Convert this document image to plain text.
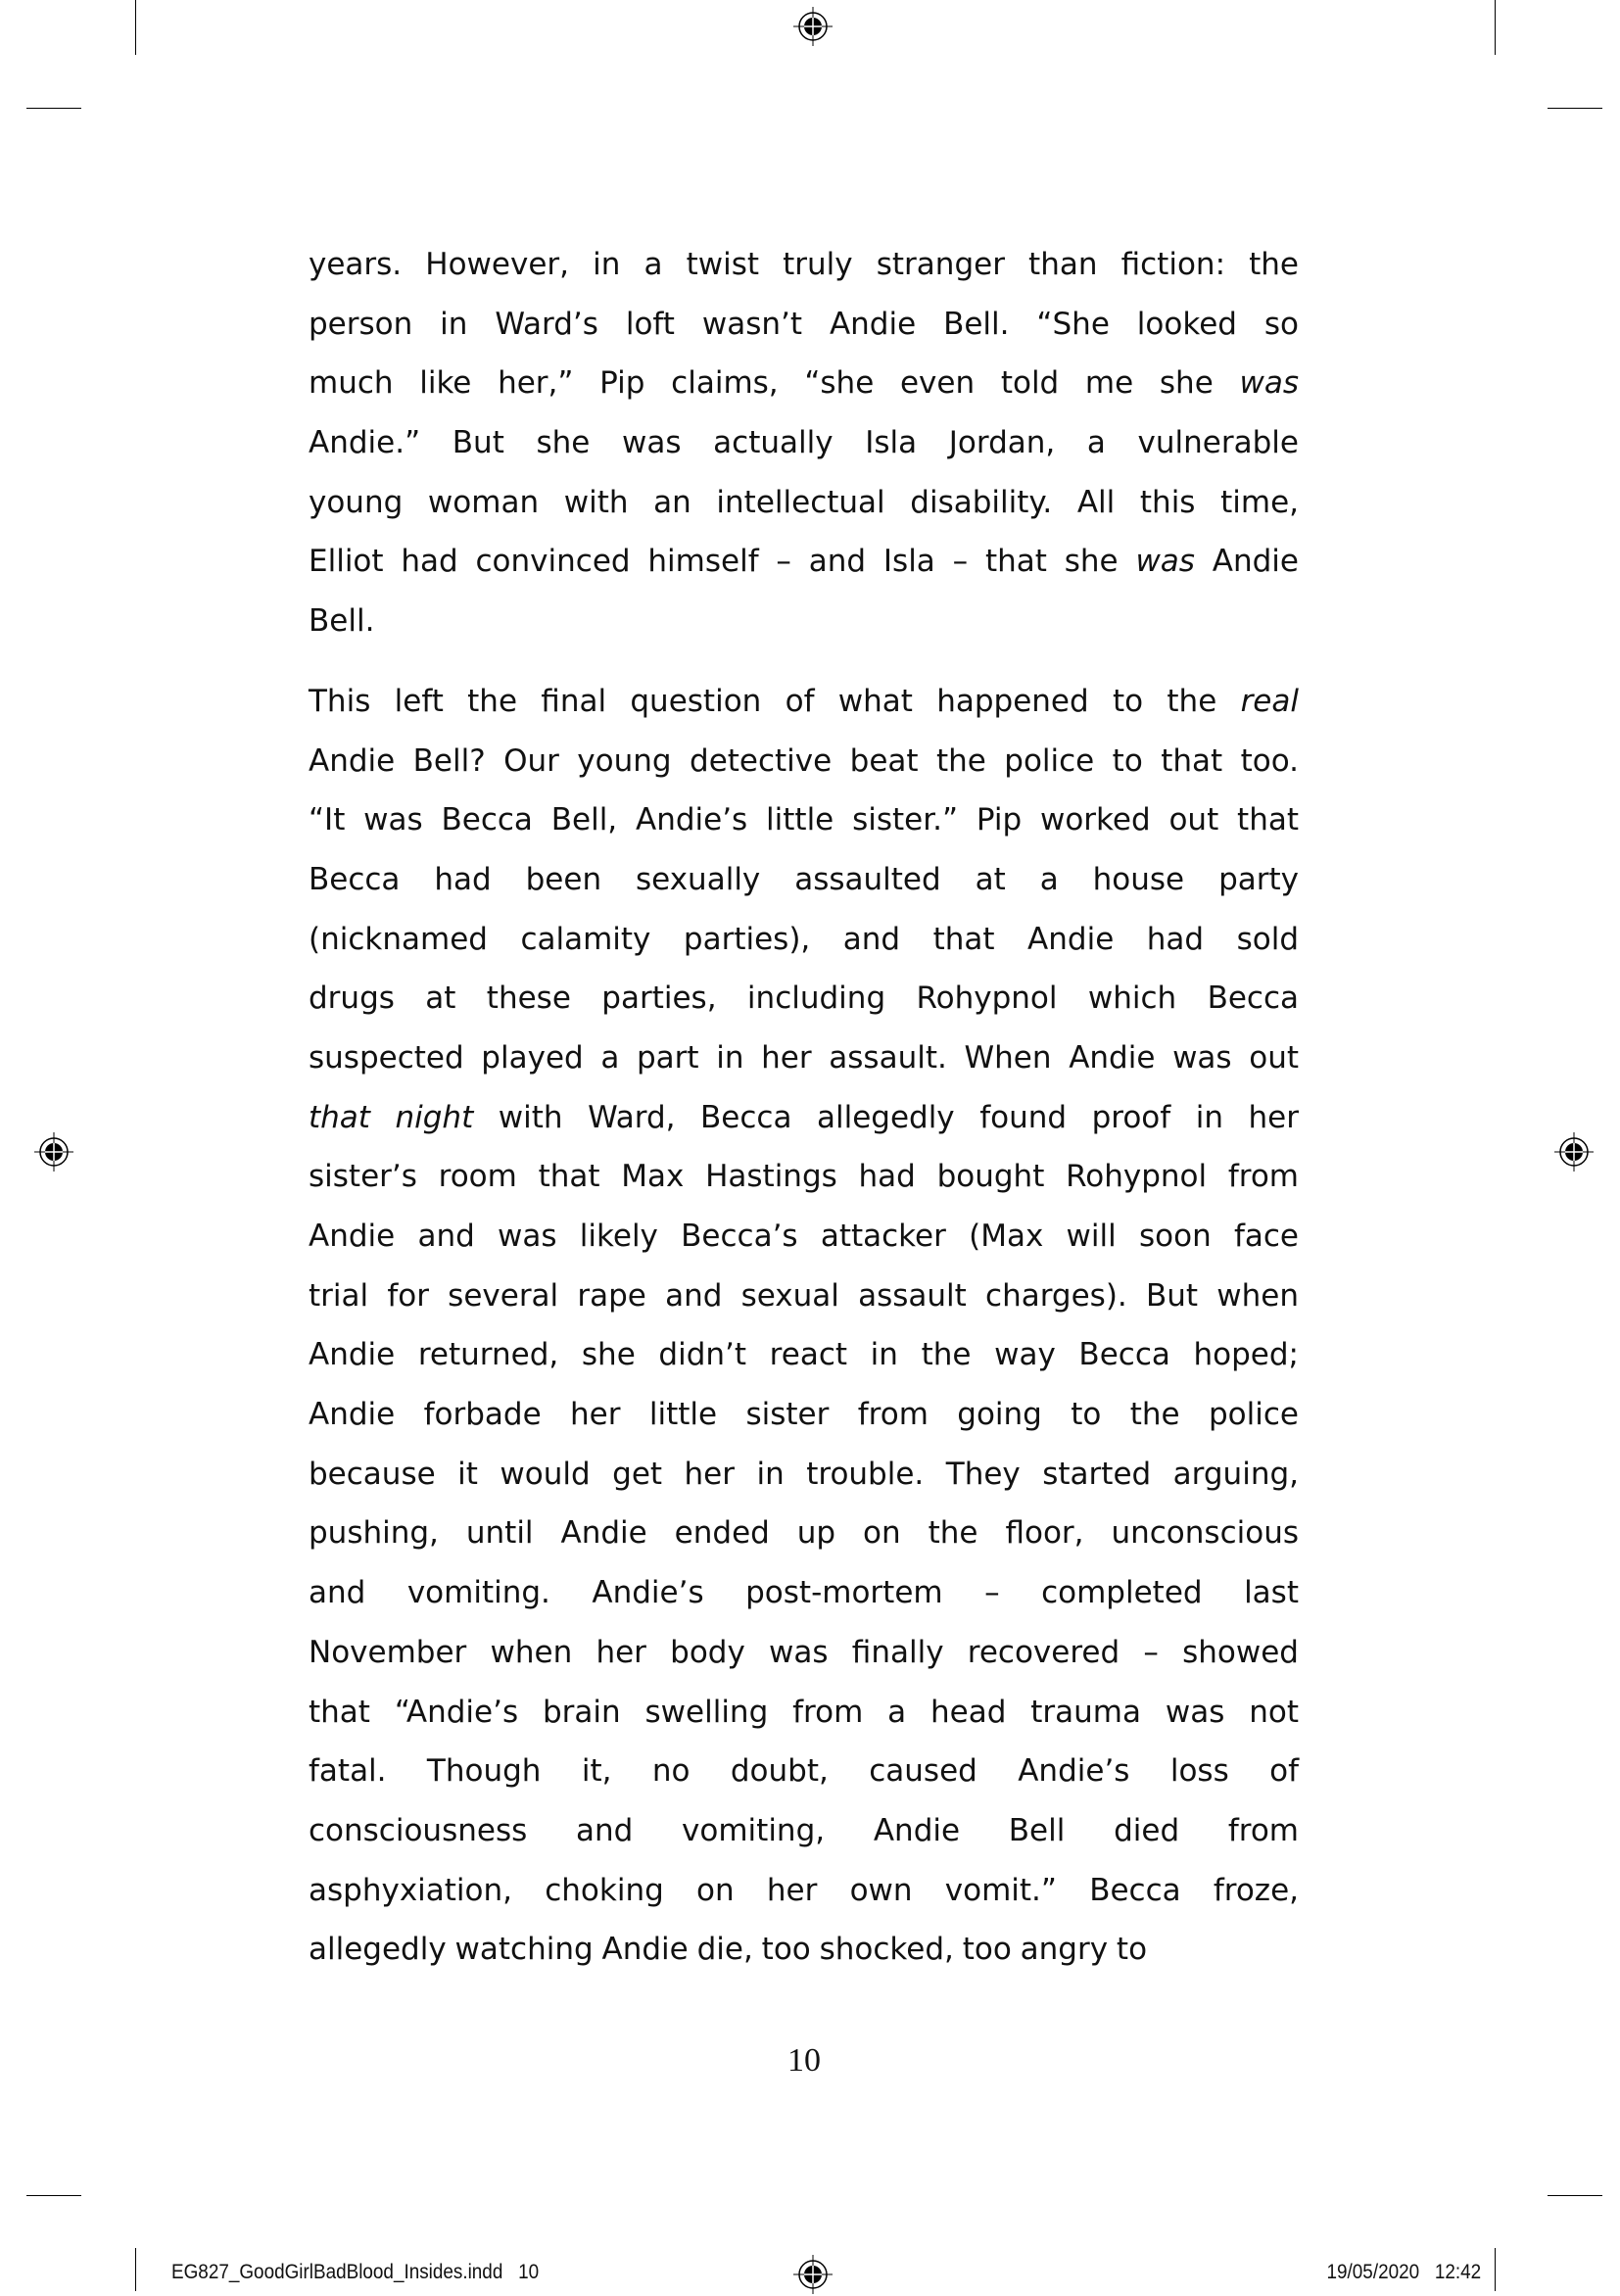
years. However, in a twist truly stranger than fiction: the
person in Ward’s loft wasn’t Andie Bell. “She looked so
much like her,” Pip claims, “she even told me she was
Andie.” But she was actually Isla Jordan, a vulnerable
young woman with an intellectual disability. All this time,
Elliot had convinced himself – and Isla – that she was Andie
Bell.
This left the final question of what happened to the real
Andie Bell? Our young detective beat the police to that too.
“It was Becca Bell, Andie’s little sister.” Pip worked out that
Becca had been sexually assaulted at a house party
(nicknamed calamity parties), and that Andie had sold
drugs at these parties, including Rohypnol which Becca
suspected played a part in her assault. When Andie was out
that night with Ward, Becca allegedly found proof in her
sister’s room that Max Hastings had bought Rohypnol from
Andie and was likely Becca’s attacker (Max will soon face
trial for several rape and sexual assault charges). But when
Andie returned, she didn’t react in the way Becca hoped;
Andie forbade her little sister from going to the police
because it would get her in trouble. They started arguing,
pushing, until Andie ended up on the floor, unconscious
and vomiting. Andie’s post-mortem – completed last
November when her body was finally recovered – showed
that “Andie’s brain swelling from a head trauma was not
fatal. Though it, no doubt, caused Andie’s loss of
consciousness and vomiting, Andie Bell died from
asphyxiation, choking on her own vomit.” Becca froze,
allegedly watching Andie die, too shocked, too angry to
10
EG827_GoodGirlBadBlood_Insides.indd   10	19/05/2020   12:42
